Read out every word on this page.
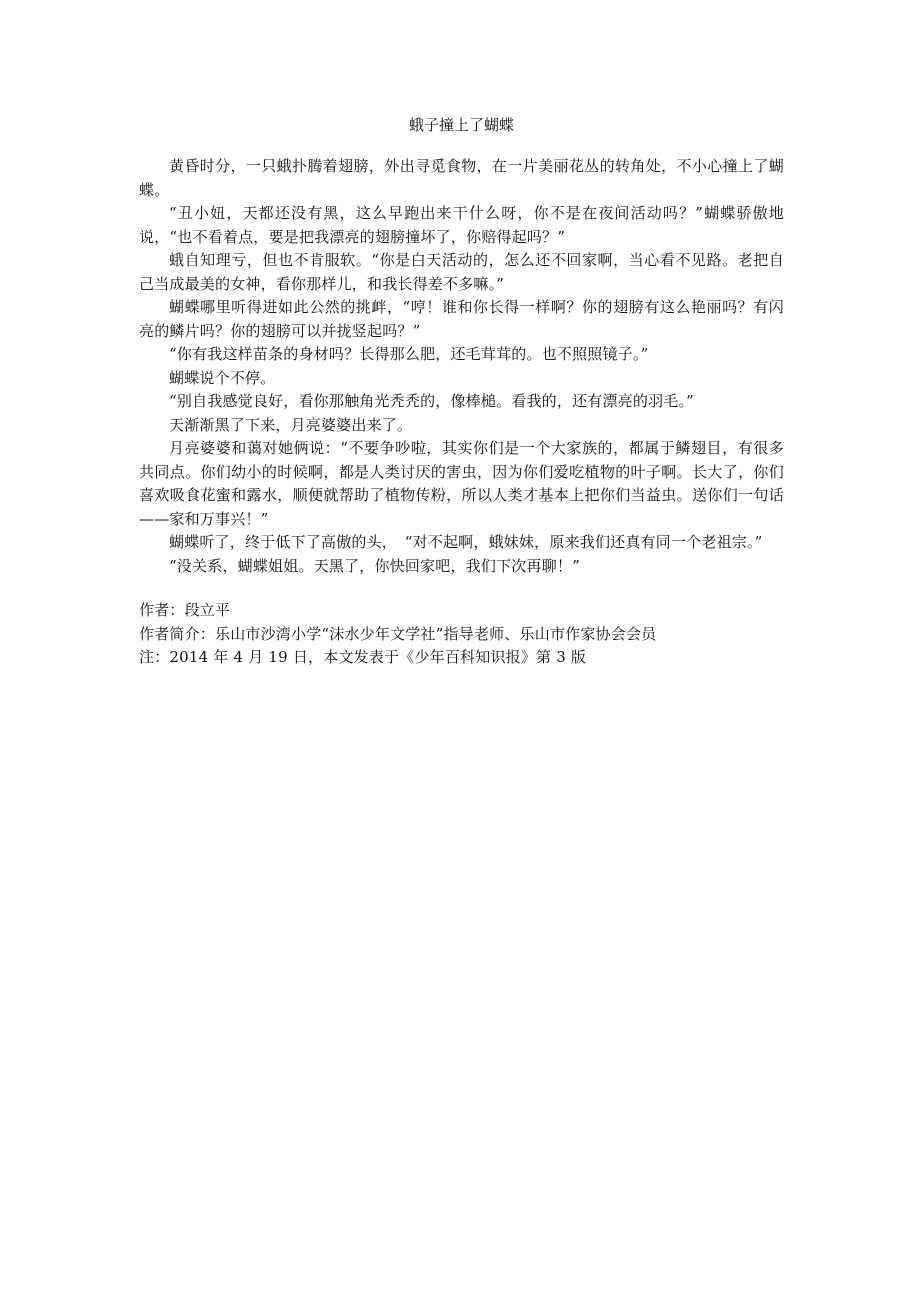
蛾子撞上了蝴蝶

黄昏时分，一只蛾扑腾着翅膀，外出寻觅食物，在一片美丽花丛的转角处，不小心撞上了蝴蝶。

“丑小妞，天都还没有黑，这么早跑出来干什么呀，你不是在夜间活动吗？”蝴蝶骄傲地说，“也不看着点，要是把我漂亮的翅膀撞坏了，你赔得起吗？”

蛾自知理亏，但也不肯服软。“你是白天活动的，怎么还不回家啊，当心看不见路。老把自己当成最美的女神，看你那样儿，和我长得差不多嘛。”

蝴蝶哪里听得进如此公然的挑衅，“哼！谁和你长得一样啊？你的翅膀有这么艳丽吗？有闪亮的鳞片吗？你的翅膀可以并拢竖起吗？”

“你有我这样苗条的身材吗？长得那么肥，还毛茸茸的。也不照照镜子。”

蝴蝶说个不停。

“别自我感觉良好，看你那触角光秃秃的，像棒槌。看我的，还有漂亮的羽毛。”

天渐渐黑了下来，月亮婆婆出来了。

月亮婆婆和蔼对她俩说：“不要争吵啦，其实你们是一个大家族的，都属于鳞翅目，有很多共同点。你们幼小的时候啊，都是人类讨厌的害虫，因为你们爱吃植物的叶子啊。长大了，你们喜欢吸食花蜜和露水，顺便就帮助了植物传粉，所以人类才基本上把你们当益虫。送你们一句话——家和万事兴！”

蝴蝶听了，终于低下了高傲的头，　“对不起啊，蛾妹妹，原来我们还真有同一个老祖宗。”

“没关系，蝴蝶姐姐。天黑了，你快回家吧，我们下次再聊！”

作者：段立平

作者简介：乐山市沙湾小学“沫水少年文学社”指导老师、乐山市作家协会会员

注：2014 年 4 月 19 日，本文发表于《少年百科知识报》第 3 版
